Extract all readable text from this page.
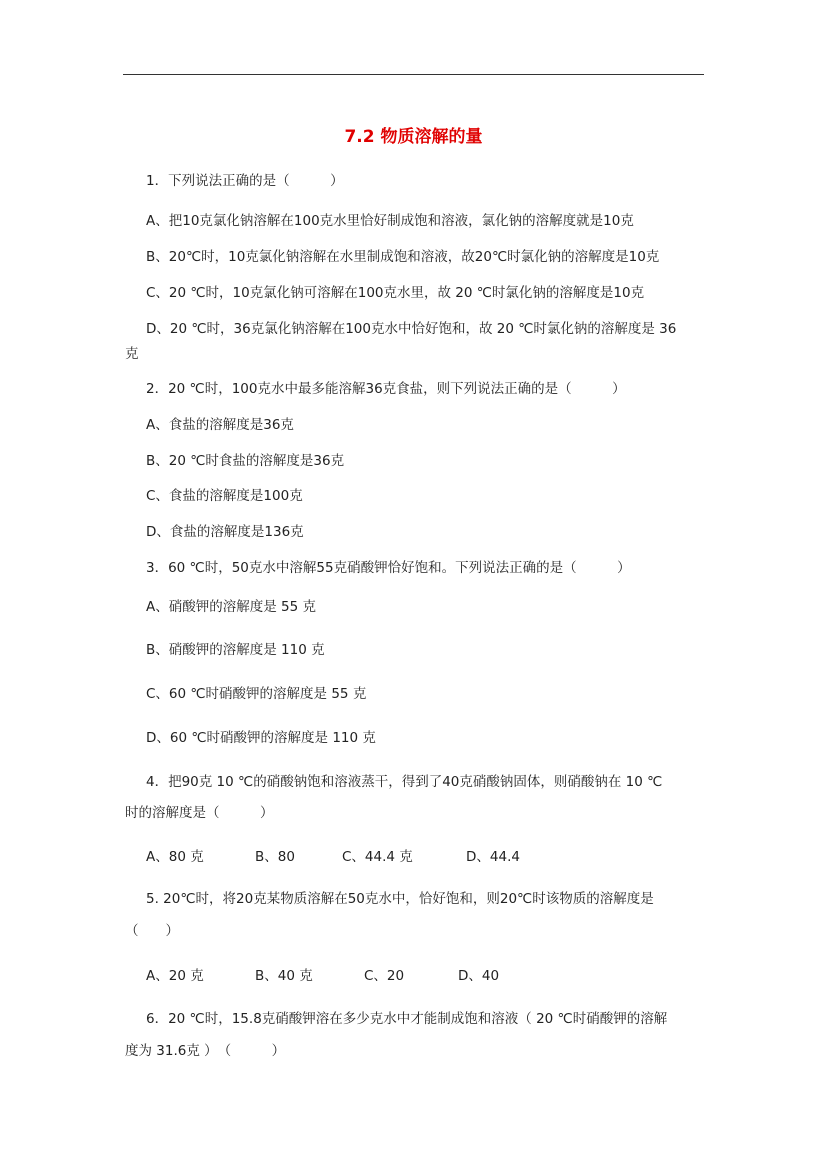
7.2 物质溶解的量
1．下列说法正确的是（　　　）
A、把10克氯化钠溶解在100克水里恰好制成饱和溶液，氯化钠的溶解度就是10克
B、20℃时，10克氯化钠溶解在水里制成饱和溶液，故20℃时氯化钠的溶解度是10克
C、20 ℃时，10克氯化钠可溶解在100克水里，故 20 ℃时氯化钠的溶解度是10克
D、20 ℃时，36克氯化钠溶解在100克水中恰好饱和，故 20 ℃时氯化钠的溶解度是 36
克
2．20 ℃时，100克水中最多能溶解36克食盐，则下列说法正确的是（　　　）
A、食盐的溶解度是36克
B、20 ℃时食盐的溶解度是36克
C、食盐的溶解度是100克
D、食盐的溶解度是136克
3．60 ℃时，50克水中溶解55克硝酸钾恰好饱和。下列说法正确的是（　　　）
A、硝酸钾的溶解度是 55 克
B、硝酸钾的溶解度是 110 克
C、60 ℃时硝酸钾的溶解度是 55 克
D、60 ℃时硝酸钾的溶解度是 110 克
4．把90克 10 ℃的硝酸钠饱和溶液蒸干，得到了40克硝酸钠固体，则硝酸钠在 10 ℃
时的溶解度是（　　　）
A、80 克	B、80	C、44.4 克	D、44.4
5. 20℃时，将20克某物质溶解在50克水中，恰好饱和，则20℃时该物质的溶解度是
（　　）
A、20 克	B、40 克	C、20	D、40
6．20 ℃时，15.8克硝酸钾溶在多少克水中才能制成饱和溶液（ 20 ℃时硝酸钾的溶解
度为 31.6克 ）　（　　　）
